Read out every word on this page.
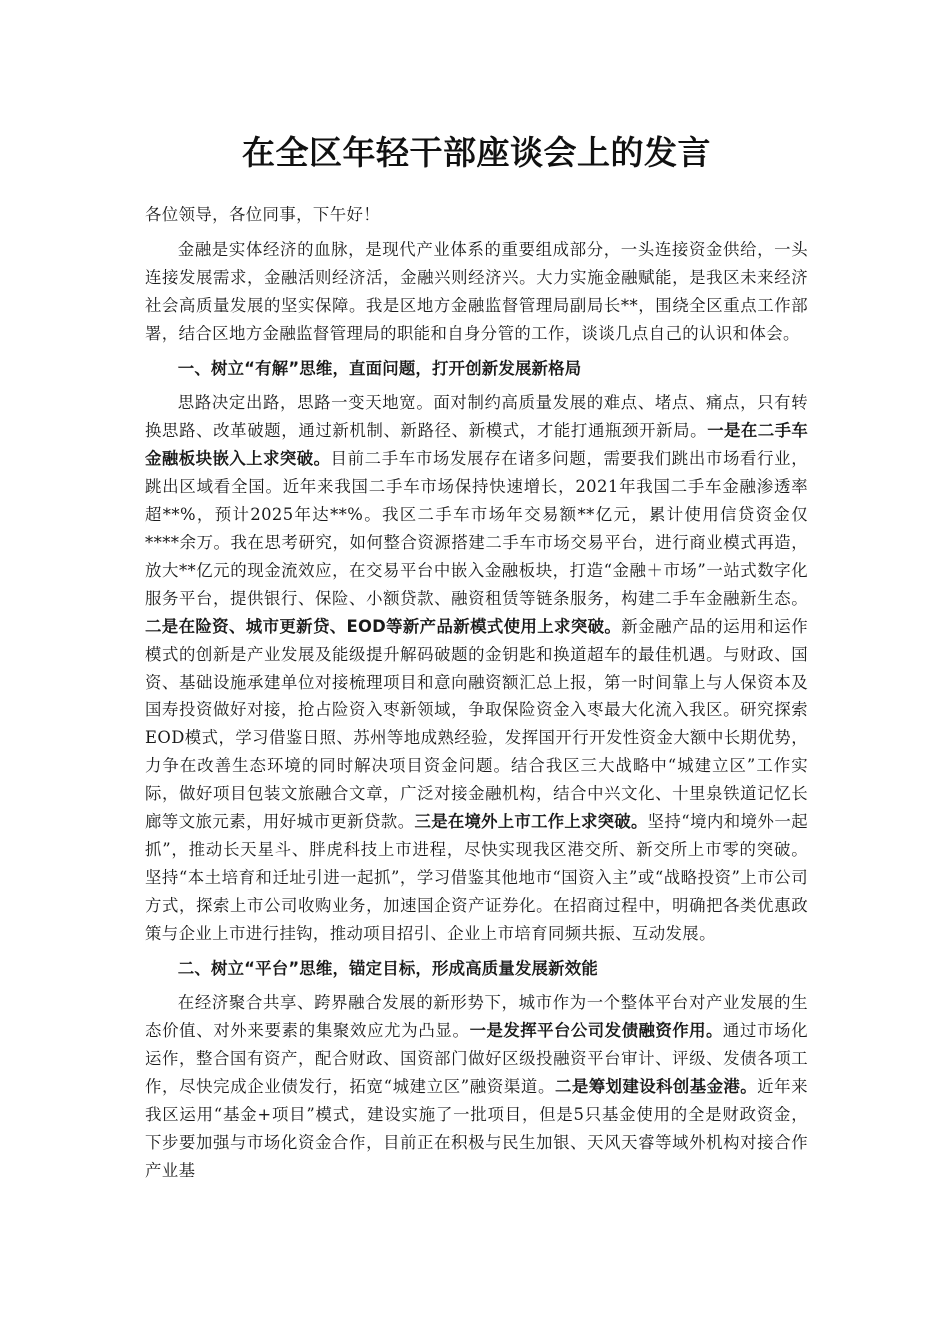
在全区年轻干部座谈会上的发言

各位领导，各位同事，下午好！

金融是实体经济的血脉，是现代产业体系的重要组成部分，一头连接资金供给，一头连接发展需求，金融活则经济活，金融兴则经济兴。大力实施金融赋能，是我区未来经济社会高质量发展的坚实保障。我是区地方金融监督管理局副局长**，围绕全区重点工作部署，结合区地方金融监督管理局的职能和自身分管的工作，谈谈几点自己的认识和体会。

一、树立“有解”思维，直面问题，打开创新发展新格局

思路决定出路，思路一变天地宽。面对制约高质量发展的难点、堵点、痛点，只有转换思路、改革破题，通过新机制、新路径、新模式，才能打通瓶颈开新局。一是在二手车金融板块嵌入上求突破。目前二手车市场发展存在诸多问题，需要我们跳出市场看行业，跳出区域看全国。近年来我国二手车市场保持快速增长，2021年我国二手车金融渗透率超**%，预计2025年达**%。我区二手车市场年交易额**亿元，累计使用信贷资金仅****余万。我在思考研究，如何整合资源搭建二手车市场交易平台，进行商业模式再造，放大**亿元的现金流效应，在交易平台中嵌入金融板块，打造“金融＋市场”一站式数字化服务平台，提供银行、保险、小额贷款、融资租赁等链条服务，构建二手车金融新生态。二是在险资、城市更新贷、EOD等新产品新模式使用上求突破。新金融产品的运用和运作模式的创新是产业发展及能级提升解码破题的金钥匙和换道超车的最佳机遇。与财政、国资、基础设施承建单位对接梳理项目和意向融资额汇总上报，第一时间靠上与人保资本及国寿投资做好对接，抢占险资入枣新领域，争取保险资金入枣最大化流入我区。研究探索EOD模式，学习借鉴日照、苏州等地成熟经验，发挥国开行开发性资金大额中长期优势，力争在改善生态环境的同时解决项目资金问题。结合我区三大战略中“城建立区”工作实际，做好项目包装文旅融合文章，广泛对接金融机构，结合中兴文化、十里泉铁道记忆长廊等文旅元素，用好城市更新贷款。三是在境外上市工作上求突破。坚持“境内和境外一起抓”，推动长天星斗、胖虎科技上市进程，尽快实现我区港交所、新交所上市零的突破。坚持“本土培育和迁址引进一起抓”，学习借鉴其他地市“国资入主”或“战略投资”上市公司方式，探索上市公司收购业务，加速国企资产证券化。在招商过程中，明确把各类优惠政策与企业上市进行挂钩，推动项目招引、企业上市培育同频共振、互动发展。

二、树立“平台”思维，锚定目标，形成高质量发展新效能

在经济聚合共享、跨界融合发展的新形势下，城市作为一个整体平台对产业发展的生态价值、对外来要素的集聚效应尤为凸显。一是发挥平台公司发债融资作用。通过市场化运作，整合国有资产，配合财政、国资部门做好区级投融资平台审计、评级、发债各项工作，尽快完成企业债发行，拓宽“城建立区”融资渠道。二是筹划建设科创基金港。近年来我区运用“基金+项目”模式，建设实施了一批项目，但是5只基金使用的全是财政资金，下步要加强与市场化资金合作，目前正在积极与民生加银、天风天睿等域外机构对接合作产业基
